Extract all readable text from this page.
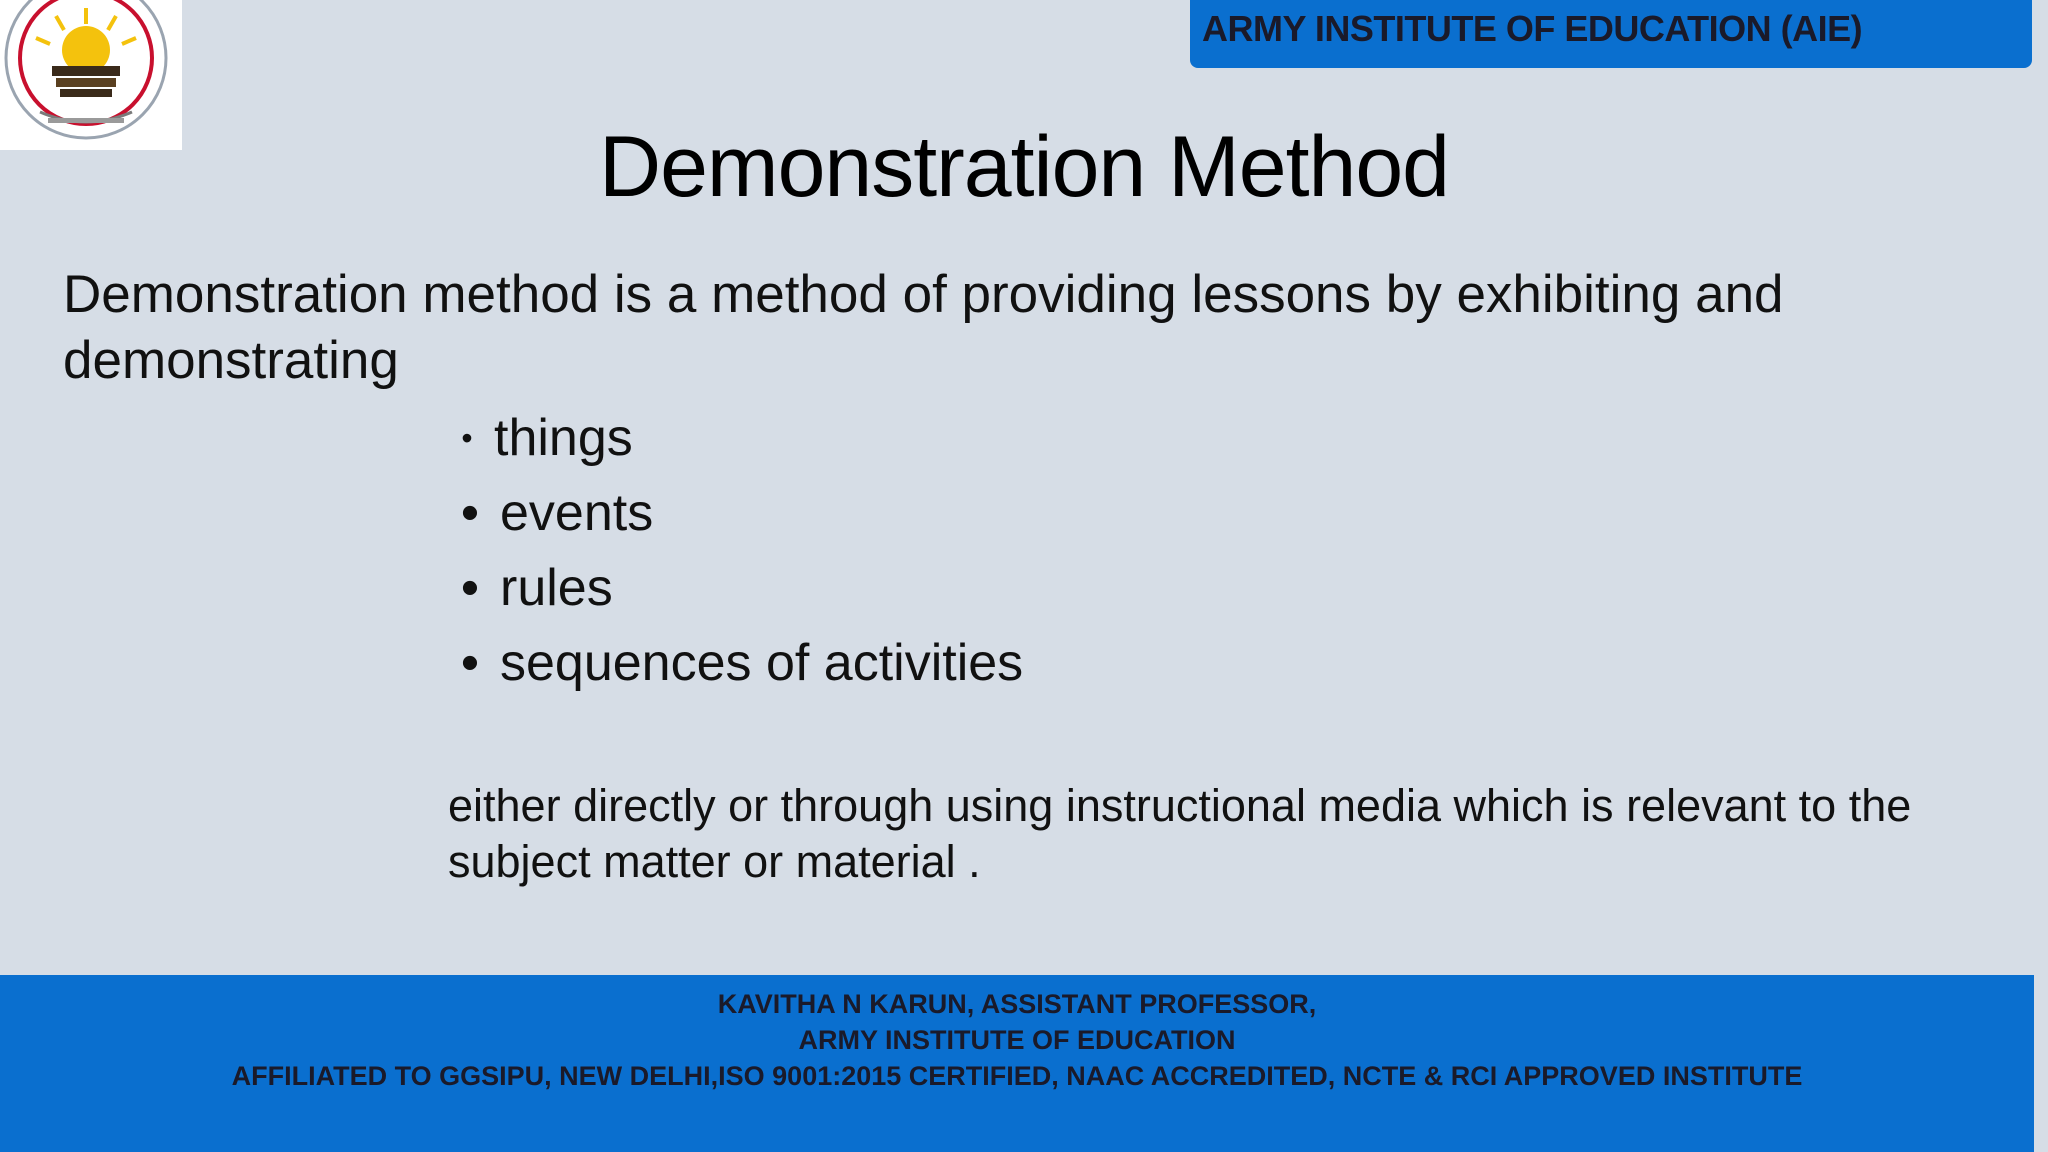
ARMY INSTITUTE OF EDUCATION (AIE)
Demonstration Method
Demonstration method is a method of providing lessons by exhibiting and demonstrating
• things
• events
• rules
• sequences of activities
either directly or through using instructional media which is relevant to the subject matter or material .
KAVITHA N KARUN, ASSISTANT PROFESSOR,
ARMY INSTITUTE OF EDUCATION
AFFILIATED TO GGSIPU, NEW DELHI,ISO 9001:2015 CERTIFIED, NAAC ACCREDITED, NCTE & RCI APPROVED INSTITUTE
